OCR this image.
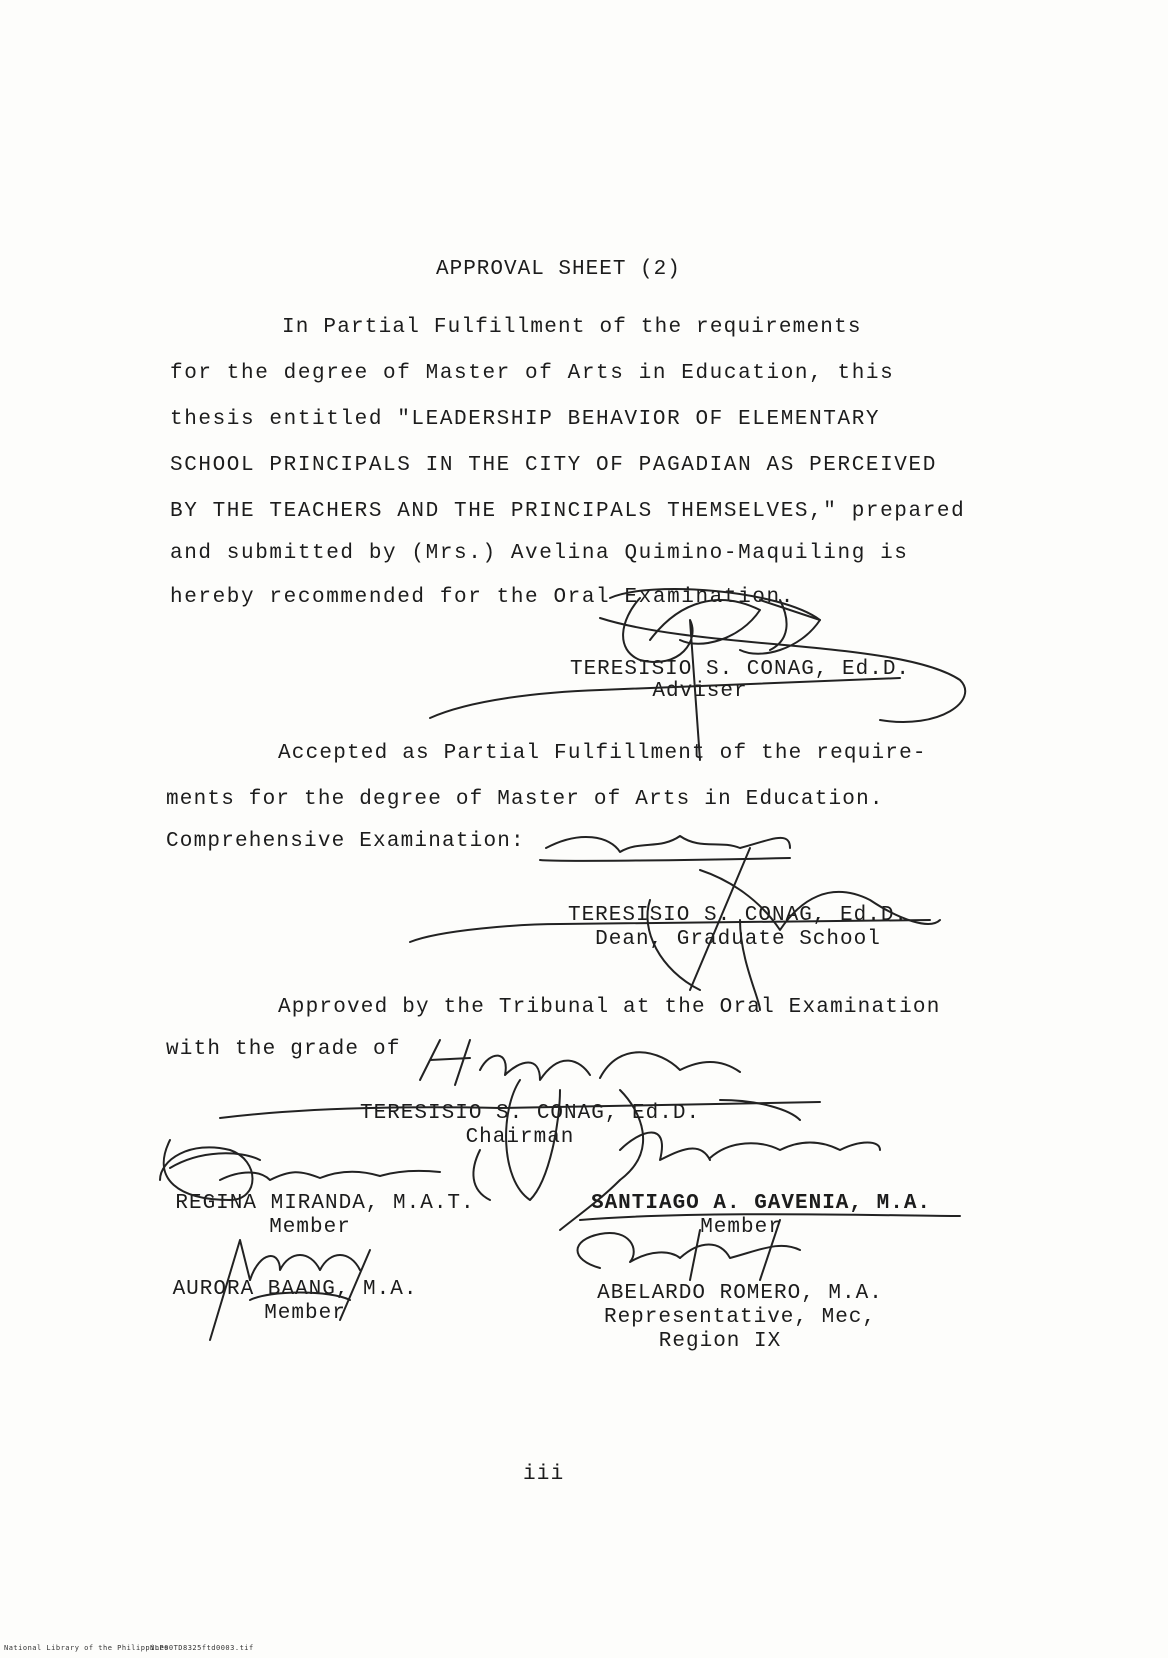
APPROVAL SHEET (2)
In Partial Fulfillment of the requirements
for the degree of Master of Arts in Education, this
thesis entitled "LEADERSHIP BEHAVIOR OF ELEMENTARY
SCHOOL PRINCIPALS IN THE CITY OF PAGADIAN AS PERCEIVED
BY THE TEACHERS AND THE PRINCIPALS THEMSELVES," prepared
and submitted by (Mrs.) Avelina Quimino-Maquiling is
hereby recommended for the Oral Examination.
TERESISIO S. CONAG, Ed.D.
Adviser
Accepted as Partial Fulfillment of the require-
ments for the degree of Master of Arts in Education.
Comprehensive Examination:
TERESISIO S. CONAG, Ed.D.
Dean, Graduate School
Approved by the Tribunal at the Oral Examination
with the grade of
TERESISIO S. CONAG, Ed.D.
Chairman
REGINA MIRANDA, M.A.T.
Member
SANTIAGO A. GAVENIA, M.A.
Member
AURORA BAANG, M.A.
Member
ABELARDO ROMERO, M.A.
Representative, Mec,
Region IX
iii
National Library of the Philippines
NLP00TD8325ftd0003.tif
